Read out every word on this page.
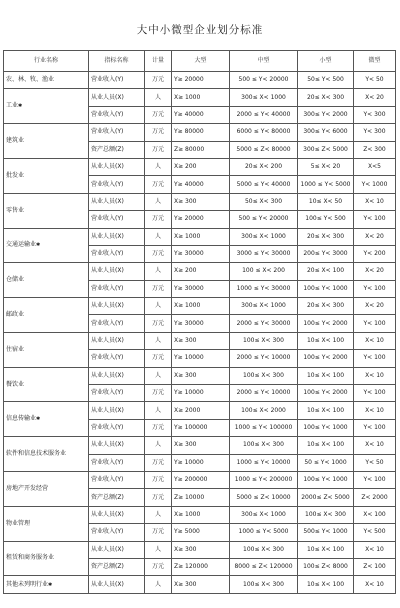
大中小微型企业划分标准
行业名称	指标名称	计量	大型	中型	小型	微型
农、林、牧、渔业	营业收入(Y)	万元	Y≥ 20000	500 ≤ Y< 20000	50≤ Y< 500	Y< 50
工业✱	从业人员(X)	人	X≥ 1000	300≤ X< 1000	20≤ X< 300	X< 20
	营业收入(Y)	万元	Y≥ 40000	2000 ≤ Y< 40000	300≤ Y< 2000	Y< 300
建筑业	营业收入(Y)	万元	Y≥ 80000	6000 ≤ Y< 80000	300≤ Y< 6000	Y< 300
	资产总额(Z)	万元	Z≥ 80000	5000 ≤ Z< 80000	300≤ Z< 5000	Z< 300
批发业	从业人员(X)	人	X≥ 200	20≤ X< 200	5≤ X< 20	X<5
	营业收入(Y)	万元	Y≥ 40000	5000 ≤ Y< 40000	1000 ≤ Y< 5000	Y< 1000
零售业	从业人员(X)	人	X≥ 300	50≤ X< 300	10≤ X< 50	X< 10
	营业收入(Y)	万元	Y≥ 20000	500 ≤ Y< 20000	100≤ Y< 500	Y< 100
交通运输业✱	从业人员(X)	人	X≥ 1000	300≤ X< 1000	20≤ X< 300	X< 20
	营业收入(Y)	万元	Y≥ 30000	3000 ≤ Y< 30000	200≤ Y< 3000	Y< 200
仓储业	从业人员(X)	人	X≥ 200	100 ≤ X< 200	20≤ X< 100	X< 20
	营业收入(Y)	万元	Y≥ 30000	1000 ≤ Y< 30000	100≤ Y< 1000	Y< 100
邮政业	从业人员(X)	人	X≥ 1000	300≤ X< 1000	20≤ X< 300	X< 20
	营业收入(Y)	万元	Y≥ 30000	2000 ≤ Y< 30000	100≤ Y< 2000	Y< 100
住宿业	从业人员(X)	人	X≥ 300	100≤ X< 300	10≤ X< 100	X< 10
	营业收入(Y)	万元	Y≥ 10000	2000 ≤ Y< 10000	100≤ Y< 2000	Y< 100
餐饮业	从业人员(X)	人	X≥ 300	100≤ X< 300	10≤ X< 100	X< 10
	营业收入(Y)	万元	Y≥ 10000	2000 ≤ Y< 10000	100≤ Y< 2000	Y< 100
信息传输业✱	从业人员(X)	人	X≥ 2000	100≤ X< 2000	10≤ X< 100	X< 10
	营业收入(Y)	万元	Y≥ 100000	1000 ≤ Y< 100000	100≤ Y< 1000	Y< 100
软件和信息技术服务业	从业人员(X)	人	X≥ 300	100≤ X< 300	10≤ X< 100	X< 10
	营业收入(Y)	万元	Y≥ 10000	1000 ≤ Y< 10000	50 ≤ Y< 1000	Y< 50
房地产开发经营	营业收入(Y)	万元	Y≥ 200000	1000 ≤ Y< 200000	100≤ Y< 1000	Y< 100
	资产总额(Z)	万元	Z≥ 10000	5000 ≤ Z< 10000	2000≤ Z< 5000	Z< 2000
物业管理	从业人员(X)	人	X≥ 1000	300≤ X< 1000	100≤ X< 300	X< 100
	营业收入(Y)	万元	Y≥ 5000	1000 ≤ Y< 5000	500≤ Y< 1000	Y< 500
租赁和商务服务业	从业人员(X)	人	X≥ 300	100≤ X< 300	10≤ X< 100	X< 10
	资产总额(Z)	万元	Z≥ 120000	8000 ≤ Z< 120000	100≤ Z< 8000	Z< 100
其他未列明行业✱	从业人员(X)	人	X≥ 300	100≤ X< 300	10≤ X< 100	X< 10
